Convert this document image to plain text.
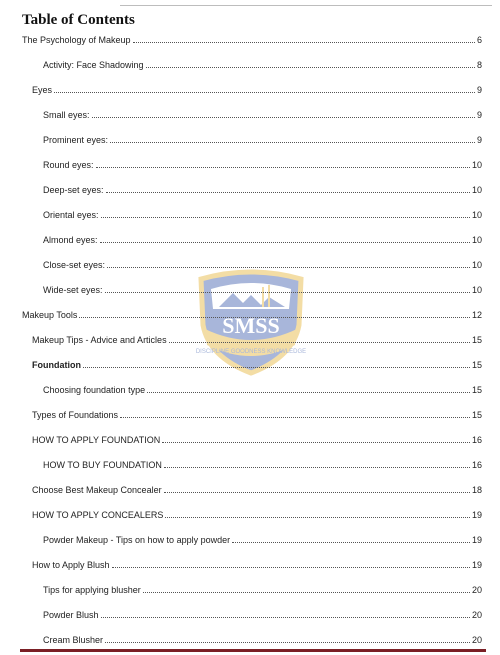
Table of Contents
SMSS
DISCIPLINE GOODNESS KNOWLEDGE
The Psychology of Makeup	6
Activity: Face Shadowing	8
Eyes	9
Small eyes:	9
Prominent eyes:	9
Round eyes:	10
Deep-set eyes:	10
Oriental eyes:	10
Almond eyes:	10
Close-set eyes:	10
Wide-set eyes:	10
Makeup Tools	12
Makeup Tips - Advice and Articles	15
Foundation	15
Choosing foundation type	15
Types of Foundations	15
HOW TO APPLY FOUNDATION	16
HOW TO BUY FOUNDATION	16
Choose Best Makeup Concealer	18
HOW TO APPLY CONCEALERS	19
Powder Makeup - Tips on how to apply powder	19
How to Apply Blush	19
Tips for applying blusher	20
Powder Blush	20
Cream Blusher	20
